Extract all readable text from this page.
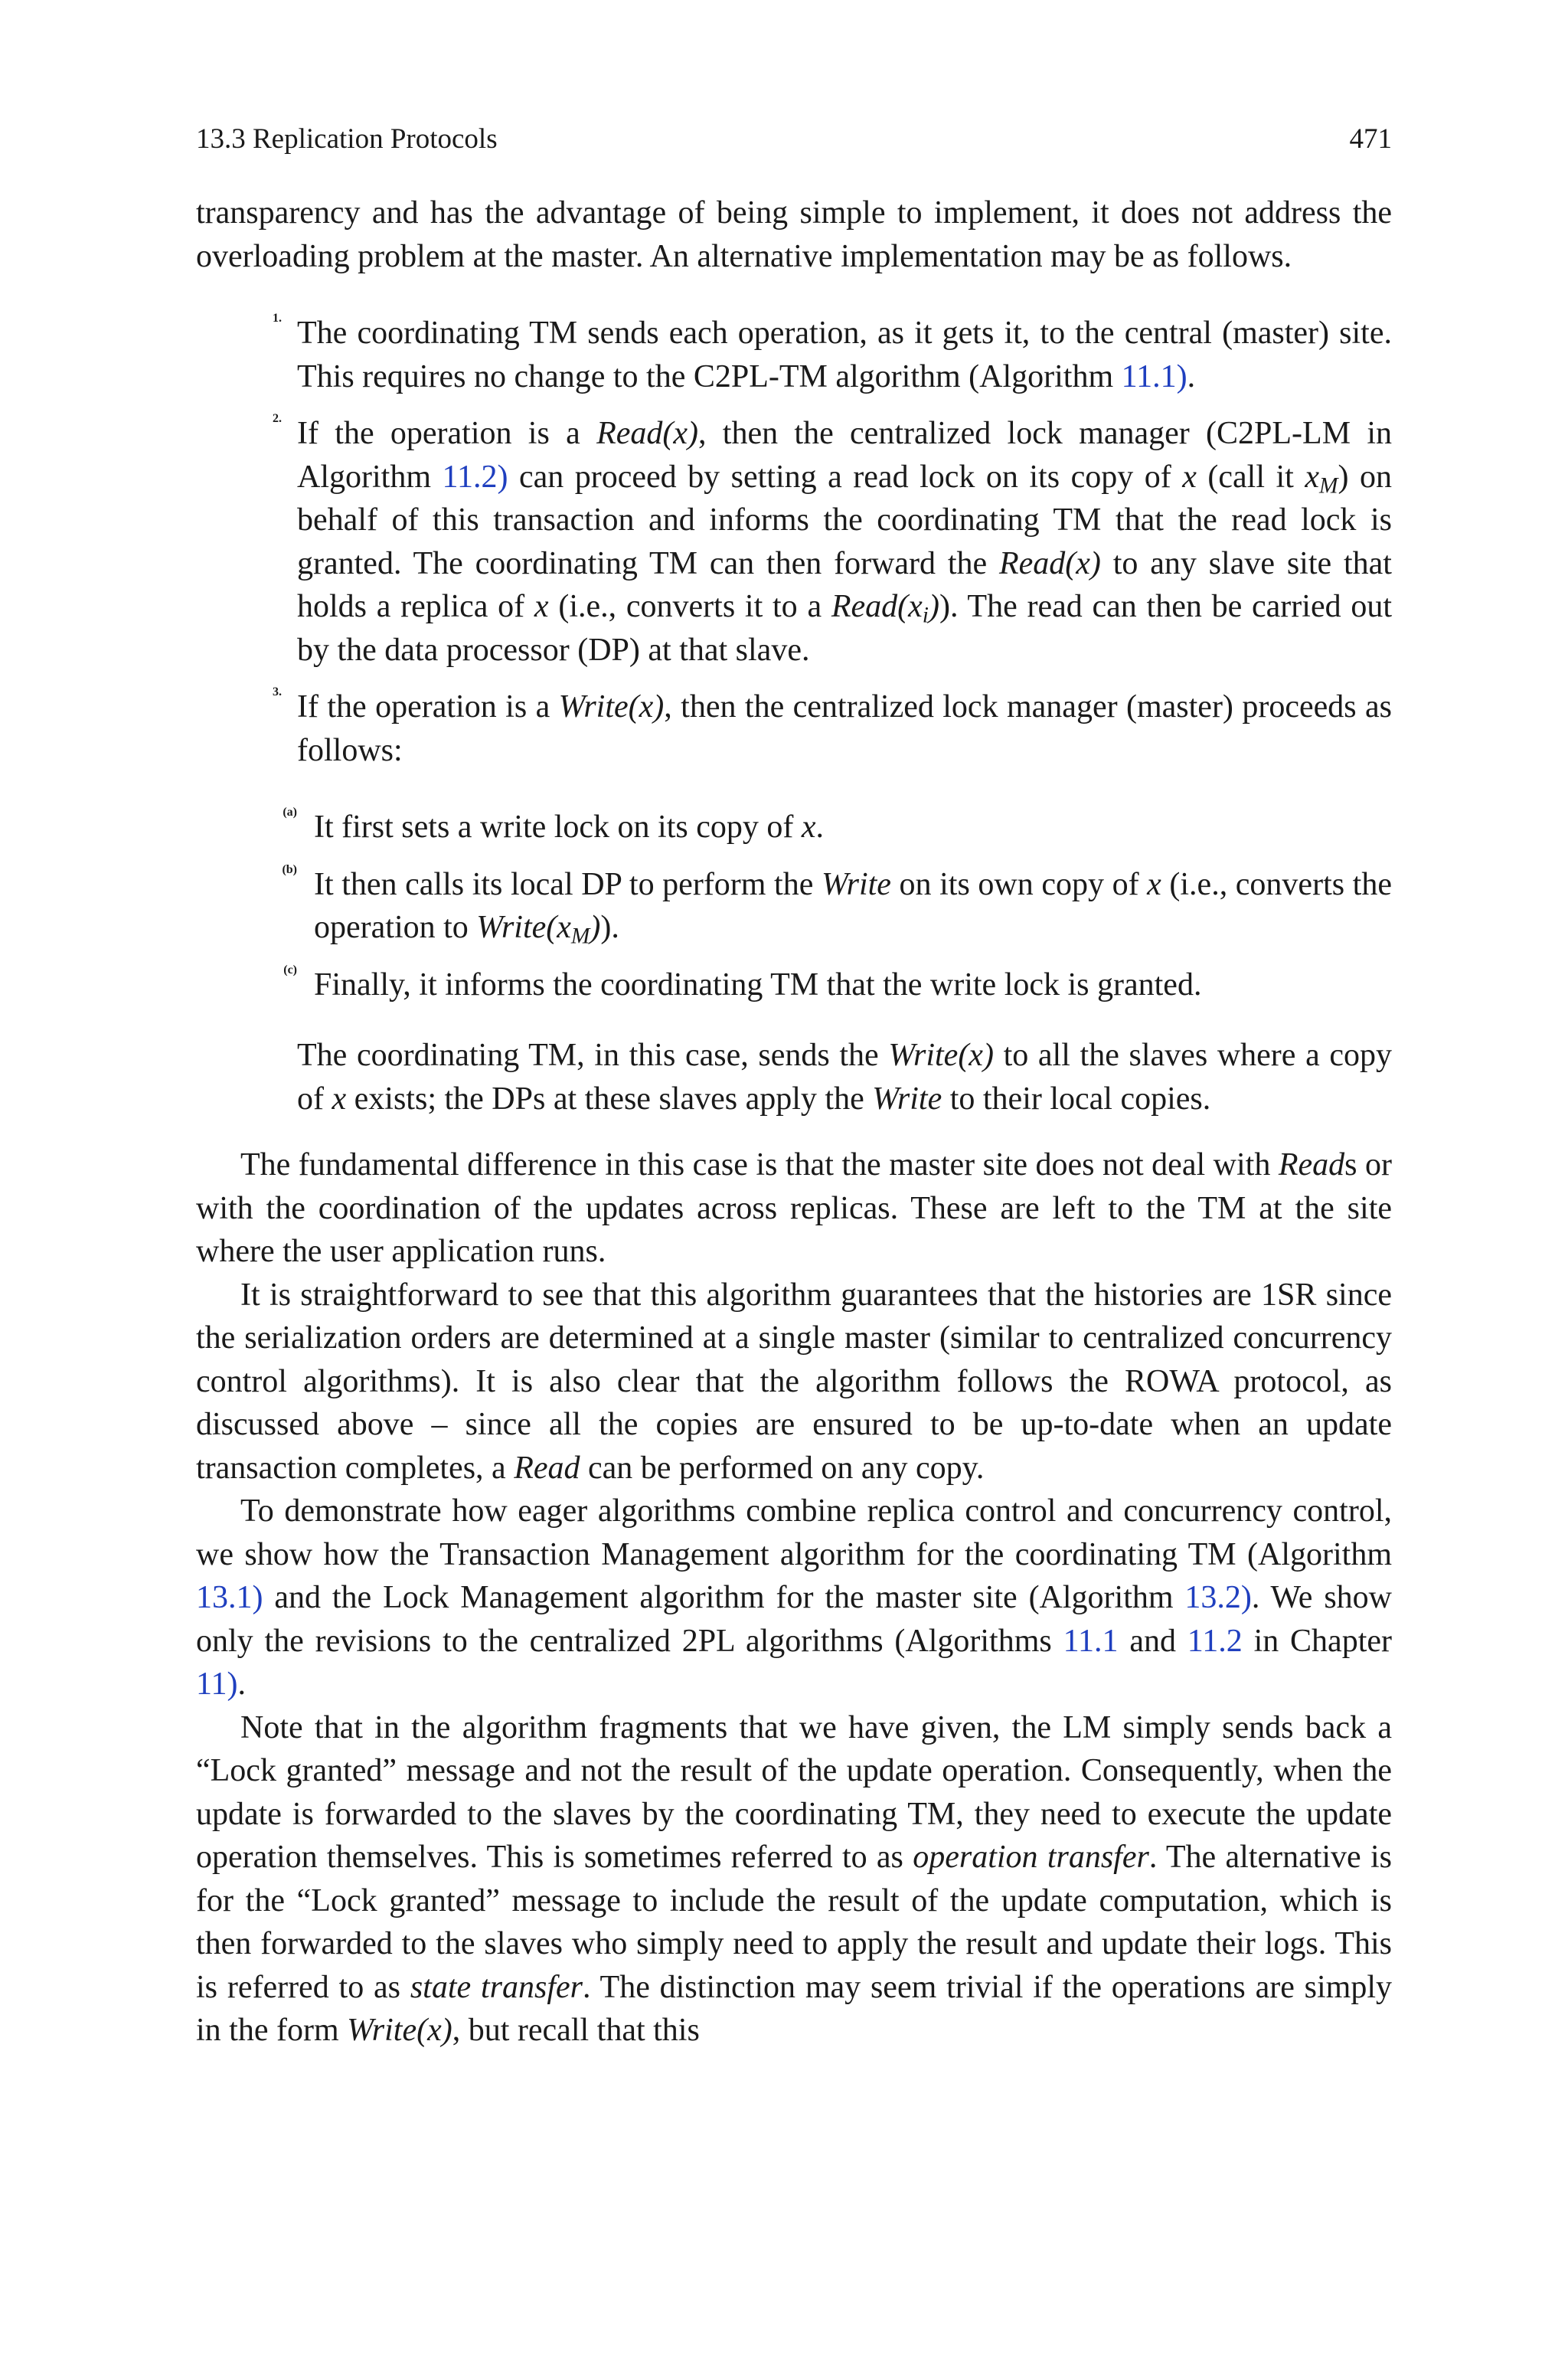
13.3 Replication Protocols	471

transparency and has the advantage of being simple to implement, it does not address the overloading problem at the master. An alternative implementation may be as follows.

1. The coordinating TM sends each operation, as it gets it, to the central (master) site. This requires no change to the C2PL-TM algorithm (Algorithm 11.1).
2. If the operation is a Read(x), then the centralized lock manager (C2PL-LM in Algorithm 11.2) can proceed by setting a read lock on its copy of x (call it $x_M$) on behalf of this transaction and informs the coordinating TM that the read lock is granted. The coordinating TM can then forward the Read(x) to any slave site that holds a replica of x (i.e., converts it to a $Read(x_i)$). The read can then be carried out by the data processor (DP) at that slave.
3. If the operation is a Write(x), then the centralized lock manager (master) proceeds as follows:
(a) It first sets a write lock on its copy of x.
(b) It then calls its local DP to perform the Write on its own copy of x (i.e., converts the operation to $Write(x_M)$).
(c) Finally, it informs the coordinating TM that the write lock is granted.
The coordinating TM, in this case, sends the Write(x) to all the slaves where a copy of x exists; the DPs at these slaves apply the Write to their local copies.

The fundamental difference in this case is that the master site does not deal with Reads or with the coordination of the updates across replicas. These are left to the TM at the site where the user application runs.

It is straightforward to see that this algorithm guarantees that the histories are 1SR since the serialization orders are determined at a single master (similar to centralized concurrency control algorithms). It is also clear that the algorithm follows the ROWA protocol, as discussed above – since all the copies are ensured to be up-to-date when an update transaction completes, a Read can be performed on any copy.

To demonstrate how eager algorithms combine replica control and concurrency control, we show how the Transaction Management algorithm for the coordinating TM (Algorithm 13.1) and the Lock Management algorithm for the master site (Algorithm 13.2). We show only the revisions to the centralized 2PL algorithms (Algorithms 11.1 and 11.2 in Chapter 11).

Note that in the algorithm fragments that we have given, the LM simply sends back a “Lock granted” message and not the result of the update operation. Consequently, when the update is forwarded to the slaves by the coordinating TM, they need to execute the update operation themselves. This is sometimes referred to as operation transfer. The alternative is for the “Lock granted” message to include the result of the update computation, which is then forwarded to the slaves who simply need to apply the result and update their logs. This is referred to as state transfer. The distinction may seem trivial if the operations are simply in the form Write(x), but recall that this
